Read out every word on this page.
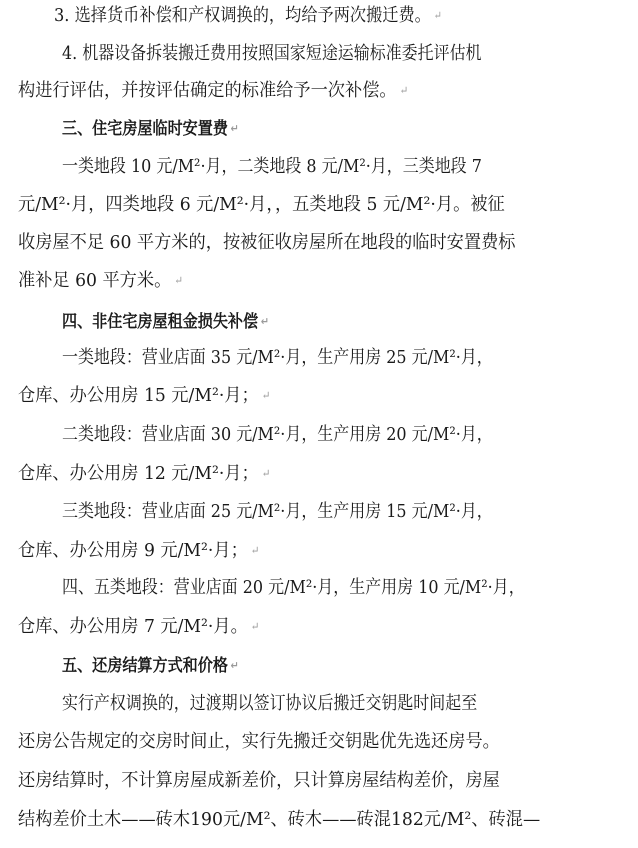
3. 选择货币补偿和产权调换的，均给予两次搬迁费。 ↵
4. 机器设备拆装搬迁费用按照国家短途运输标准委托评估机
构进行评估，并按评估确定的标准给予一次补偿。 ↵
三、住宅房屋临时安置费 ↵
一类地段 10 元/M²·月，二类地段 8 元/M²·月，三类地段 7
元/M²·月，四类地段 6 元/M²·月，，五类地段 5 元/M²·月。被征
收房屋不足 60 平方米的，按被征收房屋所在地段的临时安置费标
准补足 60 平方米。 ↵
四、非住宅房屋租金损失补偿 ↵
一类地段：营业店面 35 元/M²·月，生产用房 25 元/M²·月，
仓库、办公用房 15 元/M²·月； ↵
二类地段：营业店面 30 元/M²·月，生产用房 20 元/M²·月，
仓库、办公用房 12 元/M²·月； ↵
三类地段：营业店面 25 元/M²·月，生产用房 15 元/M²·月，
仓库、办公用房 9 元/M²·月； ↵
四、五类地段：营业店面 20 元/M²·月，生产用房 10 元/M²·月，
仓库、办公用房 7 元/M²·月。 ↵
五、还房结算方式和价格 ↵
实行产权调换的，过渡期以签订协议后搬迁交钥匙时间起至
还房公告规定的交房时间止，实行先搬迁交钥匙优先选还房号。
还房结算时，不计算房屋成新差价，只计算房屋结构差价，房屋
结构差价土木——砖木190元/M²、砖木——砖混182元/M²、砖混—
